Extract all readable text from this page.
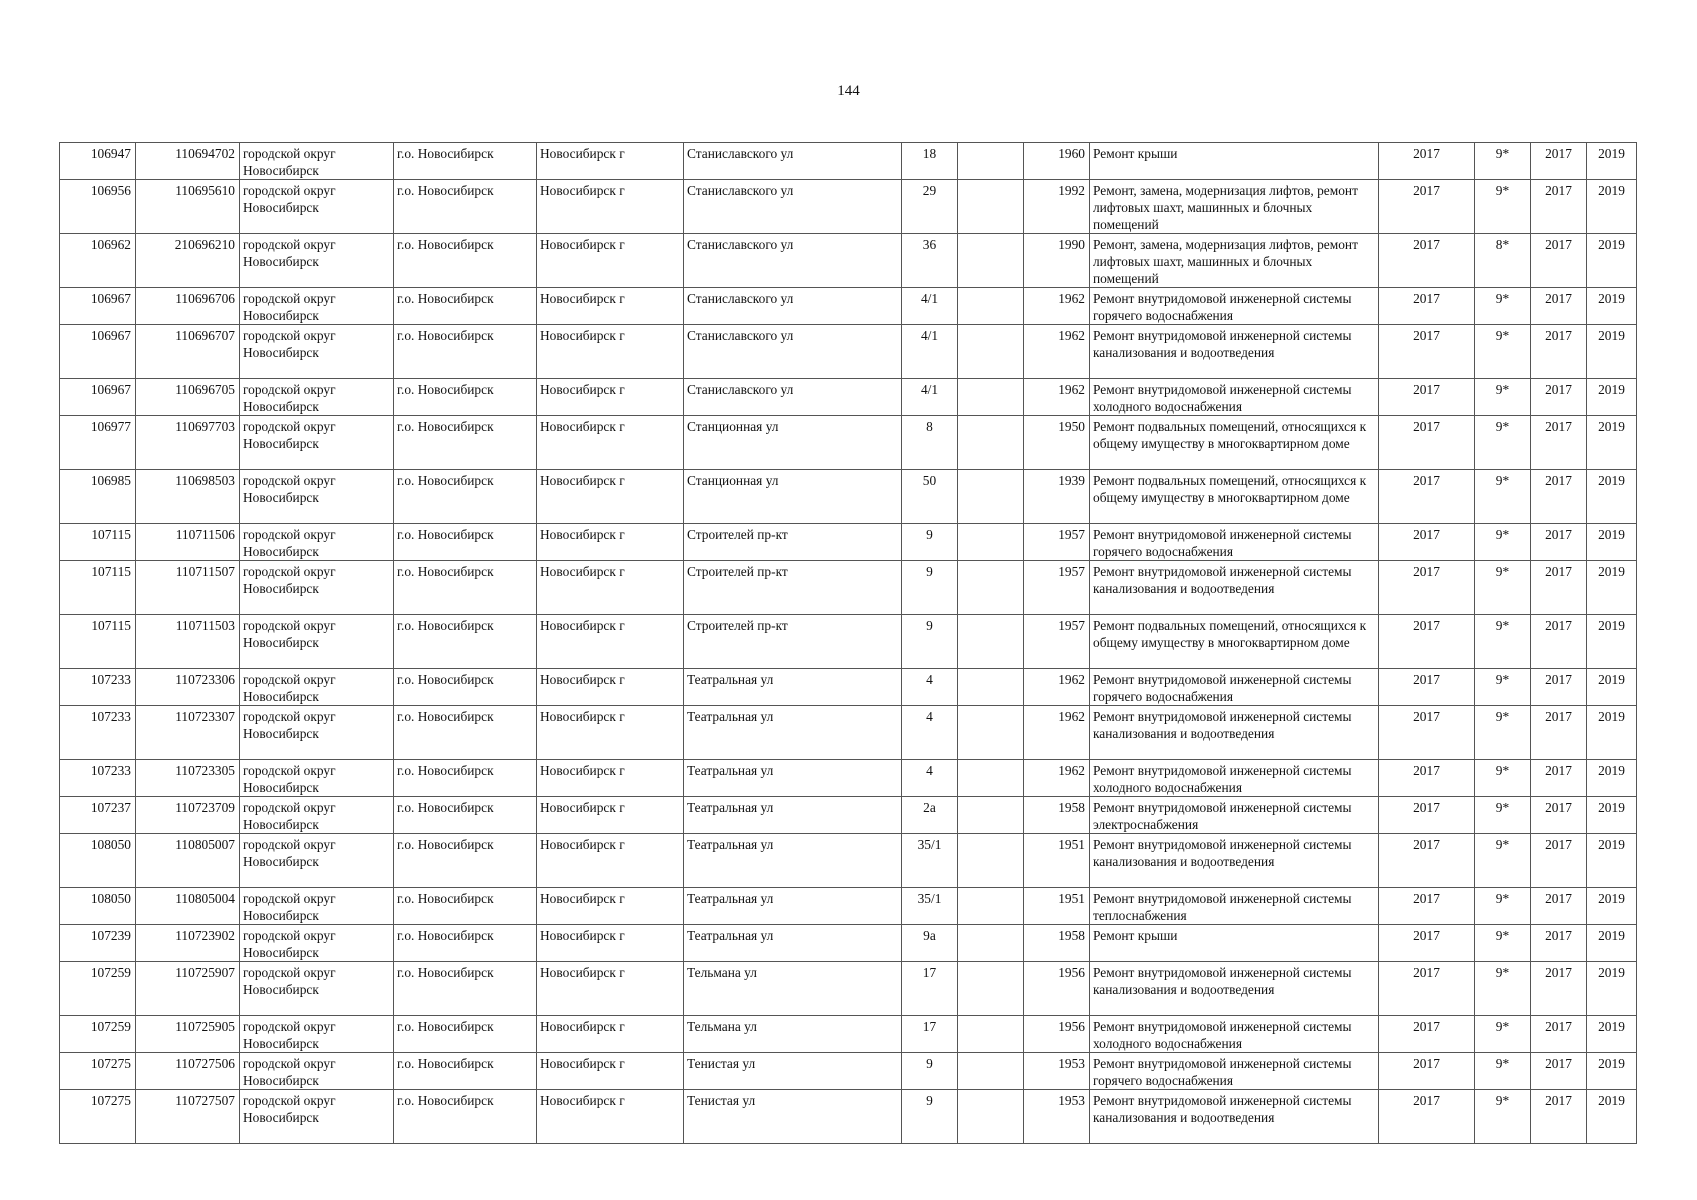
144
106947	110694702	городской округ Новосибирск	г.о. Новосибирск	Новосибирск г	Станиславского ул	18		1960	Ремонт крыши	2017	9*	2017	2019
106956	110695610	городской округ Новосибирск	г.о. Новосибирск	Новосибирск г	Станиславского ул	29		1992	Ремонт, замена, модернизация лифтов, ремонт лифтовых шахт, машинных и блочных помещений	2017	9*	2017	2019
106962	210696210	городской округ Новосибирск	г.о. Новосибирск	Новосибирск г	Станиславского ул	36		1990	Ремонт, замена, модернизация лифтов, ремонт лифтовых шахт, машинных и блочных помещений	2017	8*	2017	2019
106967	110696706	городской округ Новосибирск	г.о. Новосибирск	Новосибирск г	Станиславского ул	4/1		1962	Ремонт внутридомовой инженерной системы горячего водоснабжения	2017	9*	2017	2019
106967	110696707	городской округ Новосибирск	г.о. Новосибирск	Новосибирск г	Станиславского ул	4/1		1962	Ремонт внутридомовой инженерной системы канализования и водоотведения	2017	9*	2017	2019
106967	110696705	городской округ Новосибирск	г.о. Новосибирск	Новосибирск г	Станиславского ул	4/1		1962	Ремонт внутридомовой инженерной системы холодного водоснабжения	2017	9*	2017	2019
106977	110697703	городской округ Новосибирск	г.о. Новосибирск	Новосибирск г	Станционная ул	8		1950	Ремонт подвальных помещений, относящихся к общему имуществу в многоквартирном доме	2017	9*	2017	2019
106985	110698503	городской округ Новосибирск	г.о. Новосибирск	Новосибирск г	Станционная ул	50		1939	Ремонт подвальных помещений, относящихся к общему имуществу в многоквартирном доме	2017	9*	2017	2019
107115	110711506	городской округ Новосибирск	г.о. Новосибирск	Новосибирск г	Строителей пр-кт	9		1957	Ремонт внутридомовой инженерной системы горячего водоснабжения	2017	9*	2017	2019
107115	110711507	городской округ Новосибирск	г.о. Новосибирск	Новосибирск г	Строителей пр-кт	9		1957	Ремонт внутридомовой инженерной системы канализования и водоотведения	2017	9*	2017	2019
107115	110711503	городской округ Новосибирск	г.о. Новосибирск	Новосибирск г	Строителей пр-кт	9		1957	Ремонт подвальных помещений, относящихся к общему имуществу в многоквартирном доме	2017	9*	2017	2019
107233	110723306	городской округ Новосибирск	г.о. Новосибирск	Новосибирск г	Театральная ул	4		1962	Ремонт внутридомовой инженерной системы горячего водоснабжения	2017	9*	2017	2019
107233	110723307	городской округ Новосибирск	г.о. Новосибирск	Новосибирск г	Театральная ул	4		1962	Ремонт внутридомовой инженерной системы канализования и водоотведения	2017	9*	2017	2019
107233	110723305	городской округ Новосибирск	г.о. Новосибирск	Новосибирск г	Театральная ул	4		1962	Ремонт внутридомовой инженерной системы холодного водоснабжения	2017	9*	2017	2019
107237	110723709	городской округ Новосибирск	г.о. Новосибирск	Новосибирск г	Театральная ул	2а		1958	Ремонт внутридомовой инженерной системы электроснабжения	2017	9*	2017	2019
108050	110805007	городской округ Новосибирск	г.о. Новосибирск	Новосибирск г	Театральная ул	35/1		1951	Ремонт внутридомовой инженерной системы канализования и водоотведения	2017	9*	2017	2019
108050	110805004	городской округ Новосибирск	г.о. Новосибирск	Новосибирск г	Театральная ул	35/1		1951	Ремонт внутридомовой инженерной системы теплоснабжения	2017	9*	2017	2019
107239	110723902	городской округ Новосибирск	г.о. Новосибирск	Новосибирск г	Театральная ул	9а		1958	Ремонт крыши	2017	9*	2017	2019
107259	110725907	городской округ Новосибирск	г.о. Новосибирск	Новосибирск г	Тельмана ул	17		1956	Ремонт внутридомовой инженерной системы канализования и водоотведения	2017	9*	2017	2019
107259	110725905	городской округ Новосибирск	г.о. Новосибирск	Новосибирск г	Тельмана ул	17		1956	Ремонт внутридомовой инженерной системы холодного водоснабжения	2017	9*	2017	2019
107275	110727506	городской округ Новосибирск	г.о. Новосибирск	Новосибирск г	Тенистая ул	9		1953	Ремонт внутридомовой инженерной системы горячего водоснабжения	2017	9*	2017	2019
107275	110727507	городской округ Новосибирск	г.о. Новосибирск	Новосибирск г	Тенистая ул	9		1953	Ремонт внутридомовой инженерной системы канализования и водоотведения	2017	9*	2017	2019
